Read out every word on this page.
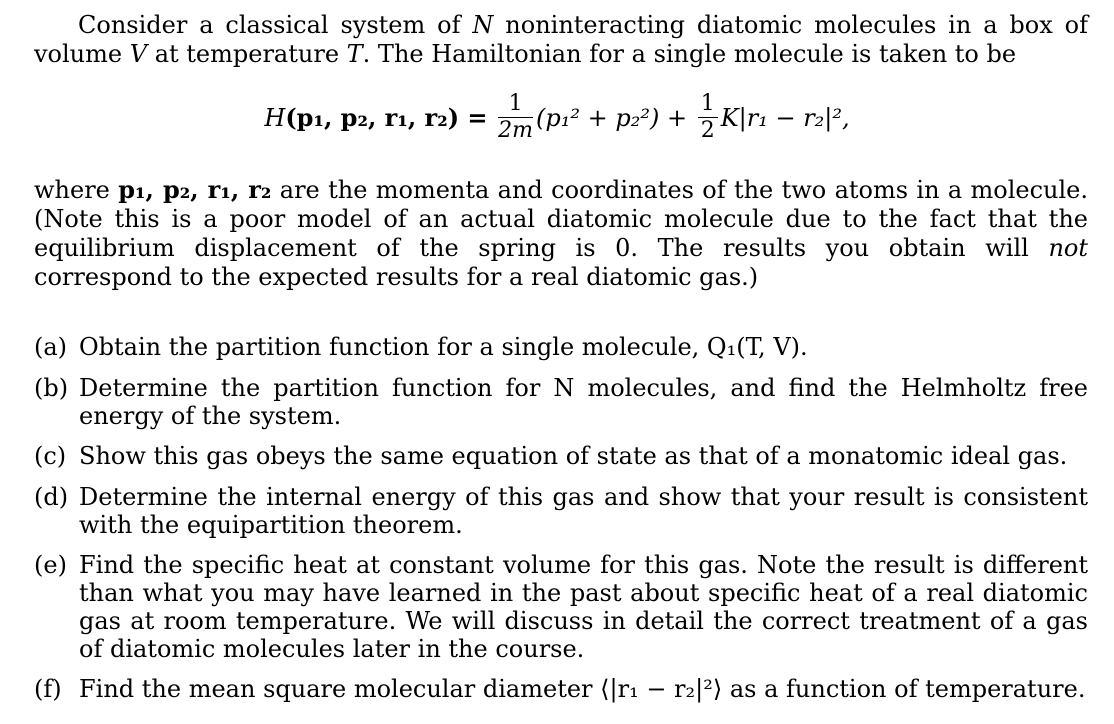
Consider a classical system of N noninteracting diatomic molecules in a box of volume V at temperature T. The Hamiltonian for a single molecule is taken to be
H(p₁, p₂, r₁, $r_2) = \frac{1}{2m} (p_1^2 + p_2^2) + \frac{1}{2} K|r_1 - r_2|^2$,
where p₁, p₂, r₁, r₂ are the momenta and coordinates of the two atoms in a molecule. (Note this is a poor model of an actual diatomic molecule due to the fact that the equilibrium displacement of the spring is 0. The results you obtain will not correspond to the expected results for a real diatomic gas.)
(a) Obtain the partition function for a single molecule, Q₁(T, V).
(b) Determine the partition function for N molecules, and find the Helmholtz free energy of the system.
(c) Show this gas obeys the same equation of state as that of a monatomic ideal gas.
(d) Determine the internal energy of this gas and show that your result is consistent with the equipartition theorem.
(e) Find the specific heat at constant volume for this gas. Note the result is different than what you may have learned in the past about specific heat of a real diatomic gas at room temperature. We will discuss in detail the correct treatment of a gas of diatomic molecules later in the course.
(f) Find the mean square molecular diameter ⟨|r₁ − r₂|²⟩ as a function of temperature.
